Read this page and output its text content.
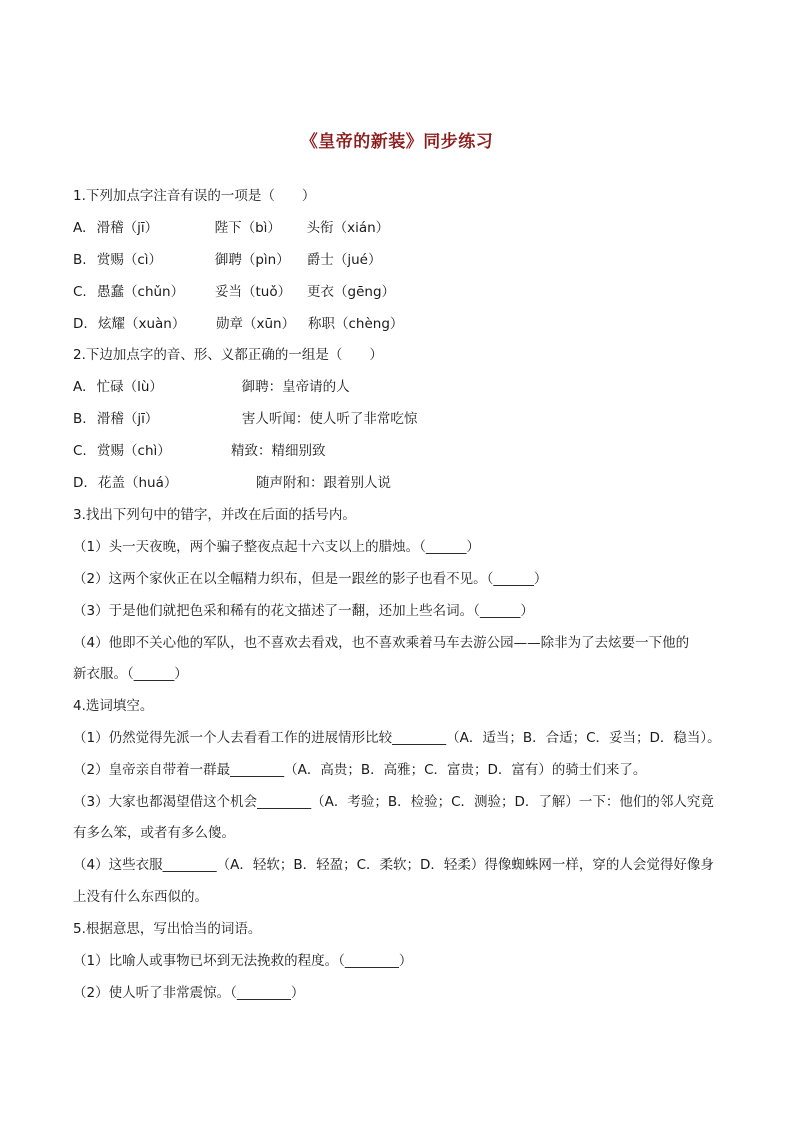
《皇帝的新装》同步练习
1.下列加点字注音有误的一项是（　　）
A. 滑稽（jī）	陛下（bì） 头衔（xián）
B. 赏赐（cì）	御聘（pìn） 爵士（jué）
C. 愚蠢（chǔn） 妥当（tuǒ） 更衣（gēng）
D. 炫耀（xuàn） 勋章（xūn） 称职（chèng）
2.下边加点字的音、形、义都正确的一组是（　　）
A. 忙碌（lù）	御聘：皇帝请的人
B. 滑稽（jī）	害人听闻：使人听了非常吃惊
C. 赏赐（chì）	精致：精细别致
D. 花盖（huá）	随声附和：跟着别人说
3.找出下列句中的错字，并改在后面的括号内。
（1）头一天夜晚，两个骗子整夜点起十六支以上的腊烛。（______）
（2）这两个家伙正在以全幅精力织布，但是一跟丝的影子也看不见。（______）
（3）于是他们就把色采和稀有的花文描述了一翻，还加上些名词。（______）
（4）他即不关心他的军队，也不喜欢去看戏，也不喜欢乘着马车去游公园——除非为了去炫要一下他的
新衣服。（______）
4.选词填空。
（1）仍然觉得先派一个人去看看工作的进展情形比较________（A．适当；B．合适；C．妥当；D．稳当）。
（2）皇帝亲自带着一群最________（A．高贵；B．高雅；C．富贵；D．富有）的骑士们来了。
（3）大家也都渴望借这个机会________（A．考验；B．检验；C．测验；D．了解）一下：他们的邻人究竟
有多么笨，或者有多么傻。
（4）这些衣服________（A．轻软；B．轻盈；C．柔软；D．轻柔）得像蜘蛛网一样，穿的人会觉得好像身
上没有什么东西似的。
5.根据意思，写出恰当的词语。
（1）比喻人或事物已坏到无法挽救的程度。（________）
（2）使人听了非常震惊。（________）
